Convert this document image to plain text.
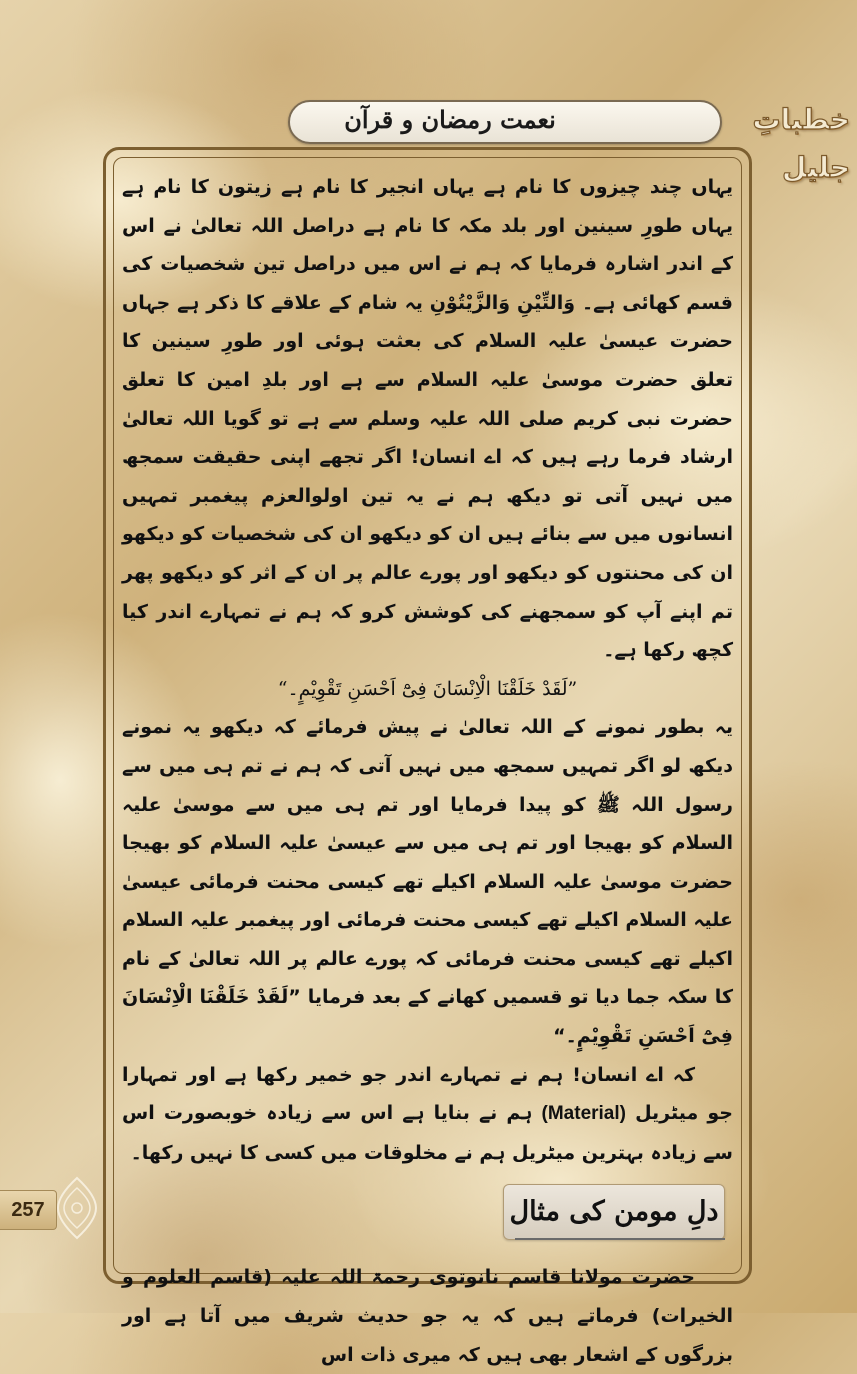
نعمت رمضان و قرآن	خطباتِ جلیل

یہاں چند چیزوں کا نام ہے یہاں انجیر کا نام ہے زیتون کا نام ہے یہاں طورِ سینین اور بلد مکہ کا نام ہے دراصل اللہ تعالیٰ نے اس کے اندر اشارہ فرمایا کہ ہم نے اس میں دراصل تین شخصیات کی قسم کھائی ہے۔ وَالتِّیْنِ وَالزَّیْتُوْنِ یہ شام کے علاقے کا ذکر ہے جہاں حضرت عیسیٰ علیہ السلام کی بعثت ہوئی اور طورِ سینین کا تعلق حضرت موسیٰ علیہ السلام سے ہے اور بلدِ امین کا تعلق حضرت نبی کریم صلی اللہ علیہ وسلم سے ہے تو گویا اللہ تعالیٰ ارشاد فرما رہے ہیں کہ اے انسان! اگر تجھے اپنی حقیقت سمجھ میں نہیں آتی تو دیکھ ہم نے یہ تین اولوالعزم پیغمبر تمہیں انسانوں میں سے بنائے ہیں ان کو دیکھو ان کی شخصیات کو دیکھو ان کی محنتوں کو دیکھو اور پورے عالم پر ان کے اثر کو دیکھو پھر تم اپنے آپ کو سمجھنے کی کوشش کرو کہ ہم نے تمہارے اندر کیا کچھ رکھا ہے۔

”لَقَدْ خَلَقْنَا الْاِنْسَانَ فِیْٓ اَحْسَنِ تَقْوِیْمٍ۔“

یہ بطور نمونے کے اللہ تعالیٰ نے پیش فرمائے کہ دیکھو یہ نمونے دیکھ لو اگر تمہیں سمجھ میں نہیں آتی کہ ہم نے تم ہی میں سے رسول اللہ ﷺ کو پیدا فرمایا اور تم ہی میں سے موسیٰ علیہ السلام کو بھیجا اور تم ہی میں سے عیسیٰ علیہ السلام کو بھیجا حضرت موسیٰ علیہ السلام اکیلے تھے کیسی محنت فرمائی عیسیٰ علیہ السلام اکیلے تھے کیسی محنت فرمائی اور پیغمبر علیہ السلام اکیلے تھے کیسی محنت فرمائی کہ پورے عالم پر اللہ تعالیٰ کے نام کا سکہ جما دیا تو قسمیں کھانے کے بعد فرمایا ”لَقَدْ خَلَقْنَا الْاِنْسَانَ فِیْٓ اَحْسَنِ تَقْوِیْمٍ۔“

کہ اے انسان! ہم نے تمہارے اندر جو خمیر رکھا ہے اور تمہارا جو میٹریل (Material) ہم نے بنایا ہے اس سے زیادہ خوبصورت اس سے زیادہ بہترین میٹریل ہم نے مخلوقات میں کسی کا نہیں رکھا۔

دلِ مومن کی مثال

حضرت مولانا قاسم نانوتوی رحمۃ اللہ علیہ (قاسم العلوم و الخیرات) فرماتے ہیں کہ یہ جو حدیث شریف میں آتا ہے اور بزرگوں کے اشعار بھی ہیں کہ میری ذات اس

257
